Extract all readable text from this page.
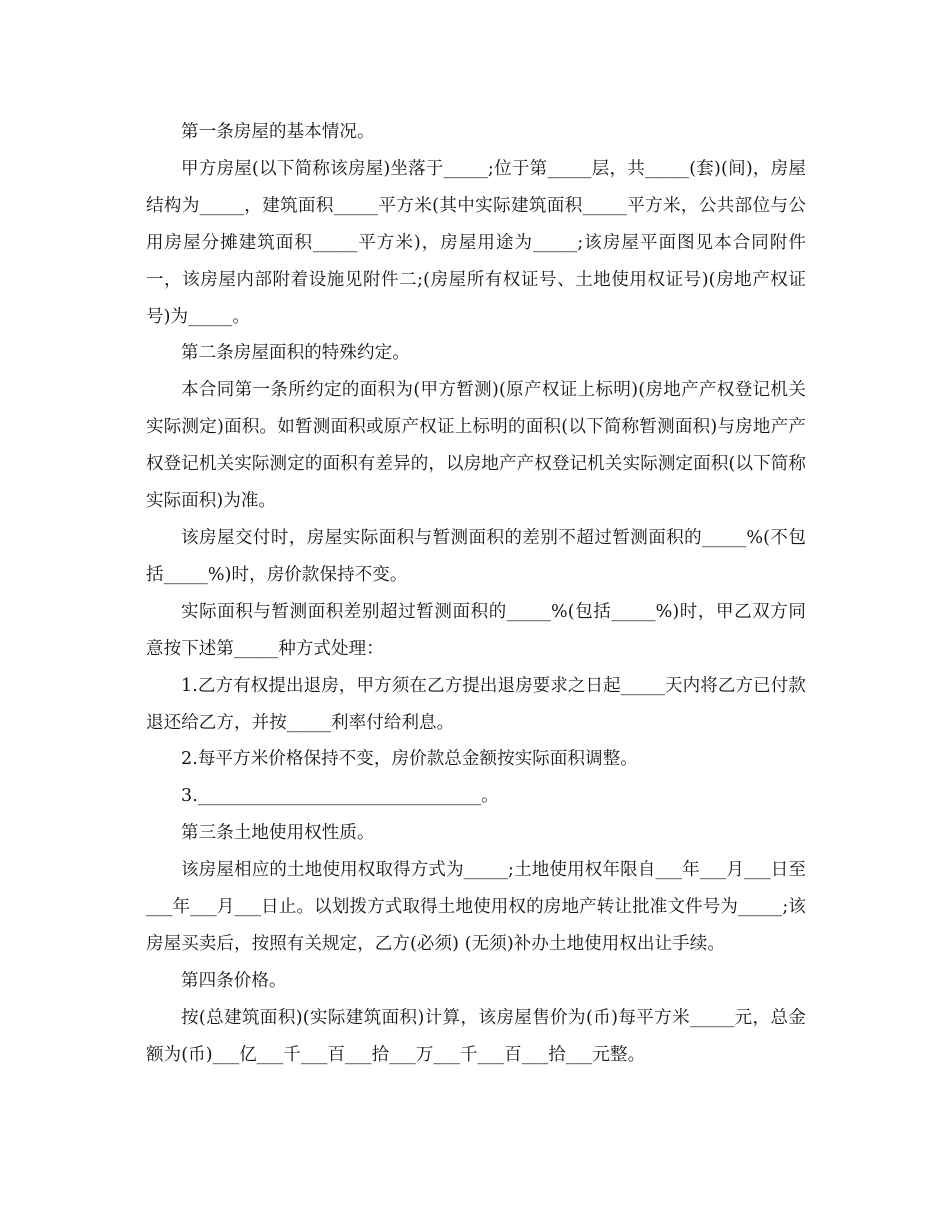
第一条房屋的基本情况。

甲方房屋(以下简称该房屋)坐落于_____;位于第_____层，共_____(套)(间)，房屋结构为_____，建筑面积_____平方米(其中实际建筑面积_____平方米，公共部位与公用房屋分摊建筑面积_____平方米)，房屋用途为_____;该房屋平面图见本合同附件一，该房屋内部附着设施见附件二;(房屋所有权证号、土地使用权证号)(房地产权证号)为_____。

第二条房屋面积的特殊约定。

本合同第一条所约定的面积为(甲方暂测)(原产权证上标明)(房地产产权登记机关实际测定)面积。如暂测面积或原产权证上标明的面积(以下简称暂测面积)与房地产产权登记机关实际测定的面积有差异的，以房地产产权登记机关实际测定面积(以下简称实际面积)为准。

该房屋交付时，房屋实际面积与暂测面积的差别不超过暂测面积的_____%(不包括_____%)时，房价款保持不变。

实际面积与暂测面积差别超过暂测面积的_____%(包括_____%)时，甲乙双方同意按下述第_____种方式处理：

1.乙方有权提出退房，甲方须在乙方提出退房要求之日起_____天内将乙方已付款退还给乙方，并按_____利率付给利息。

2.每平方米价格保持不变，房价款总金额按实际面积调整。

3.________________________________。

第三条土地使用权性质。

该房屋相应的土地使用权取得方式为_____;土地使用权年限自___年___月___日至___年___月___日止。以划拨方式取得土地使用权的房地产转让批准文件号为_____;该房屋买卖后，按照有关规定，乙方(必须) (无须)补办土地使用权出让手续。

第四条价格。

按(总建筑面积)(实际建筑面积)计算，该房屋售价为(币)每平方米_____元，总金额为(币)___亿___千___百___拾___万___千___百___拾___元整。
